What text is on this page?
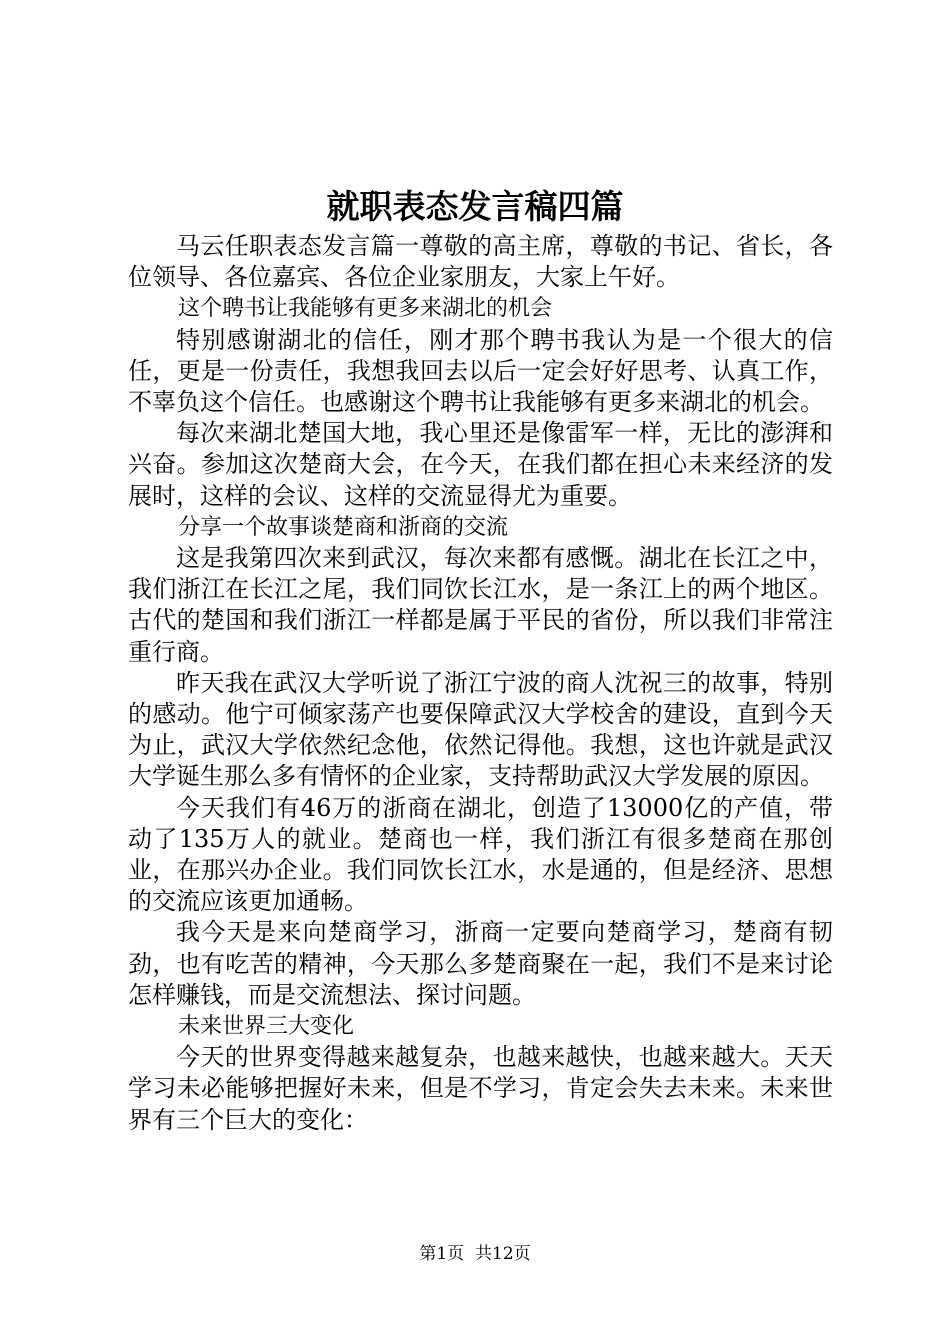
就职表态发言稿四篇

马云任职表态发言篇一尊敬的高主席，尊敬的书记、省长，各位领导、各位嘉宾、各位企业家朋友，大家上午好。

这个聘书让我能够有更多来湖北的机会

特别感谢湖北的信任，刚才那个聘书我认为是一个很大的信任，更是一份责任，我想我回去以后一定会好好思考、认真工作，不辜负这个信任。也感谢这个聘书让我能够有更多来湖北的机会。

每次来湖北楚国大地，我心里还是像雷军一样，无比的澎湃和兴奋。参加这次楚商大会，在今天，在我们都在担心未来经济的发展时，这样的会议、这样的交流显得尤为重要。

分享一个故事谈楚商和浙商的交流

这是我第四次来到武汉，每次来都有感慨。湖北在长江之中，我们浙江在长江之尾，我们同饮长江水，是一条江上的两个地区。古代的楚国和我们浙江一样都是属于平民的省份，所以我们非常注重行商。

昨天我在武汉大学听说了浙江宁波的商人沈祝三的故事，特别的感动。他宁可倾家荡产也要保障武汉大学校舍的建设，直到今天为止，武汉大学依然纪念他，依然记得他。我想，这也许就是武汉大学诞生那么多有情怀的企业家，支持帮助武汉大学发展的原因。

今天我们有46万的浙商在湖北，创造了13000亿的产值，带动了135万人的就业。楚商也一样，我们浙江有很多楚商在那创业，在那兴办企业。我们同饮长江水，水是通的，但是经济、思想的交流应该更加通畅。

我今天是来向楚商学习，浙商一定要向楚商学习，楚商有韧劲，也有吃苦的精神，今天那么多楚商聚在一起，我们不是来讨论怎样赚钱，而是交流想法、探讨问题。

未来世界三大变化

今天的世界变得越来越复杂，也越来越快，也越来越大。天天学习未必能够把握好未来，但是不学习，肯定会失去未来。未来世界有三个巨大的变化：

第1页 共12页
